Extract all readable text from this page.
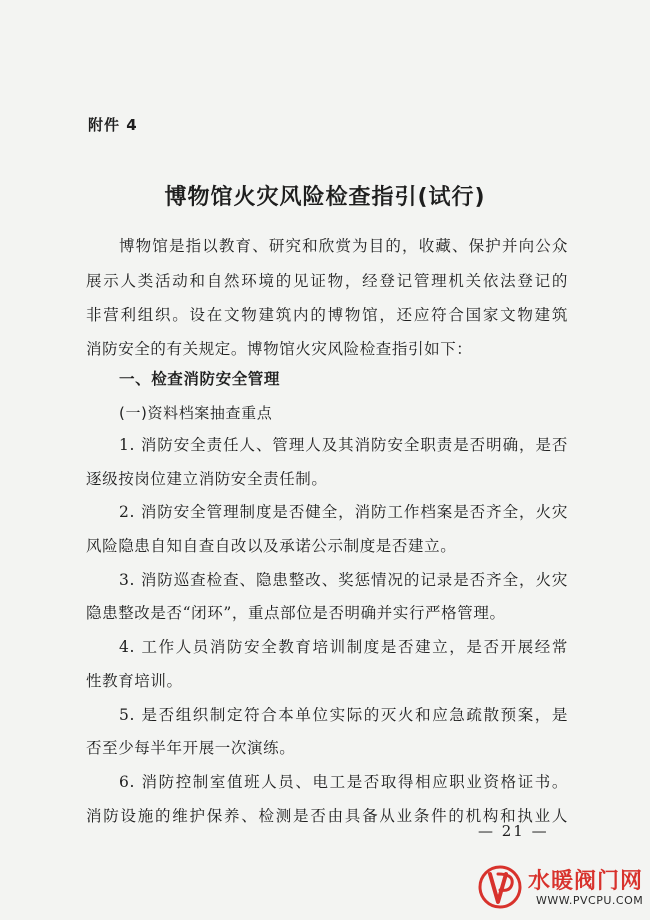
附件 4
博物馆火灾风险检查指引(试行)
博物馆是指以教育、研究和欣赏为目的，收藏、保护并向公众
展示人类活动和自然环境的见证物，经登记管理机关依法登记的
非营利组织。设在文物建筑内的博物馆，还应符合国家文物建筑
消防安全的有关规定。博物馆火灾风险检查指引如下：
一、检查消防安全管理
(一)资料档案抽查重点
1. 消防安全责任人、管理人及其消防安全职责是否明确，是否
逐级按岗位建立消防安全责任制。
2. 消防安全管理制度是否健全，消防工作档案是否齐全，火灾
风险隐患自知自查自改以及承诺公示制度是否建立。
3. 消防巡查检查、隐患整改、奖惩情况的记录是否齐全，火灾
隐患整改是否“闭环”，重点部位是否明确并实行严格管理。
4. 工作人员消防安全教育培训制度是否建立，是否开展经常
性教育培训。
5. 是否组织制定符合本单位实际的灭火和应急疏散预案，是
否至少每半年开展一次演练。
6. 消防控制室值班人员、电工是否取得相应职业资格证书。
消防设施的维护保养、检测是否由具备从业条件的机构和执业人
— 21 —
水暖阀门网
WWW.PVCPU.COM
